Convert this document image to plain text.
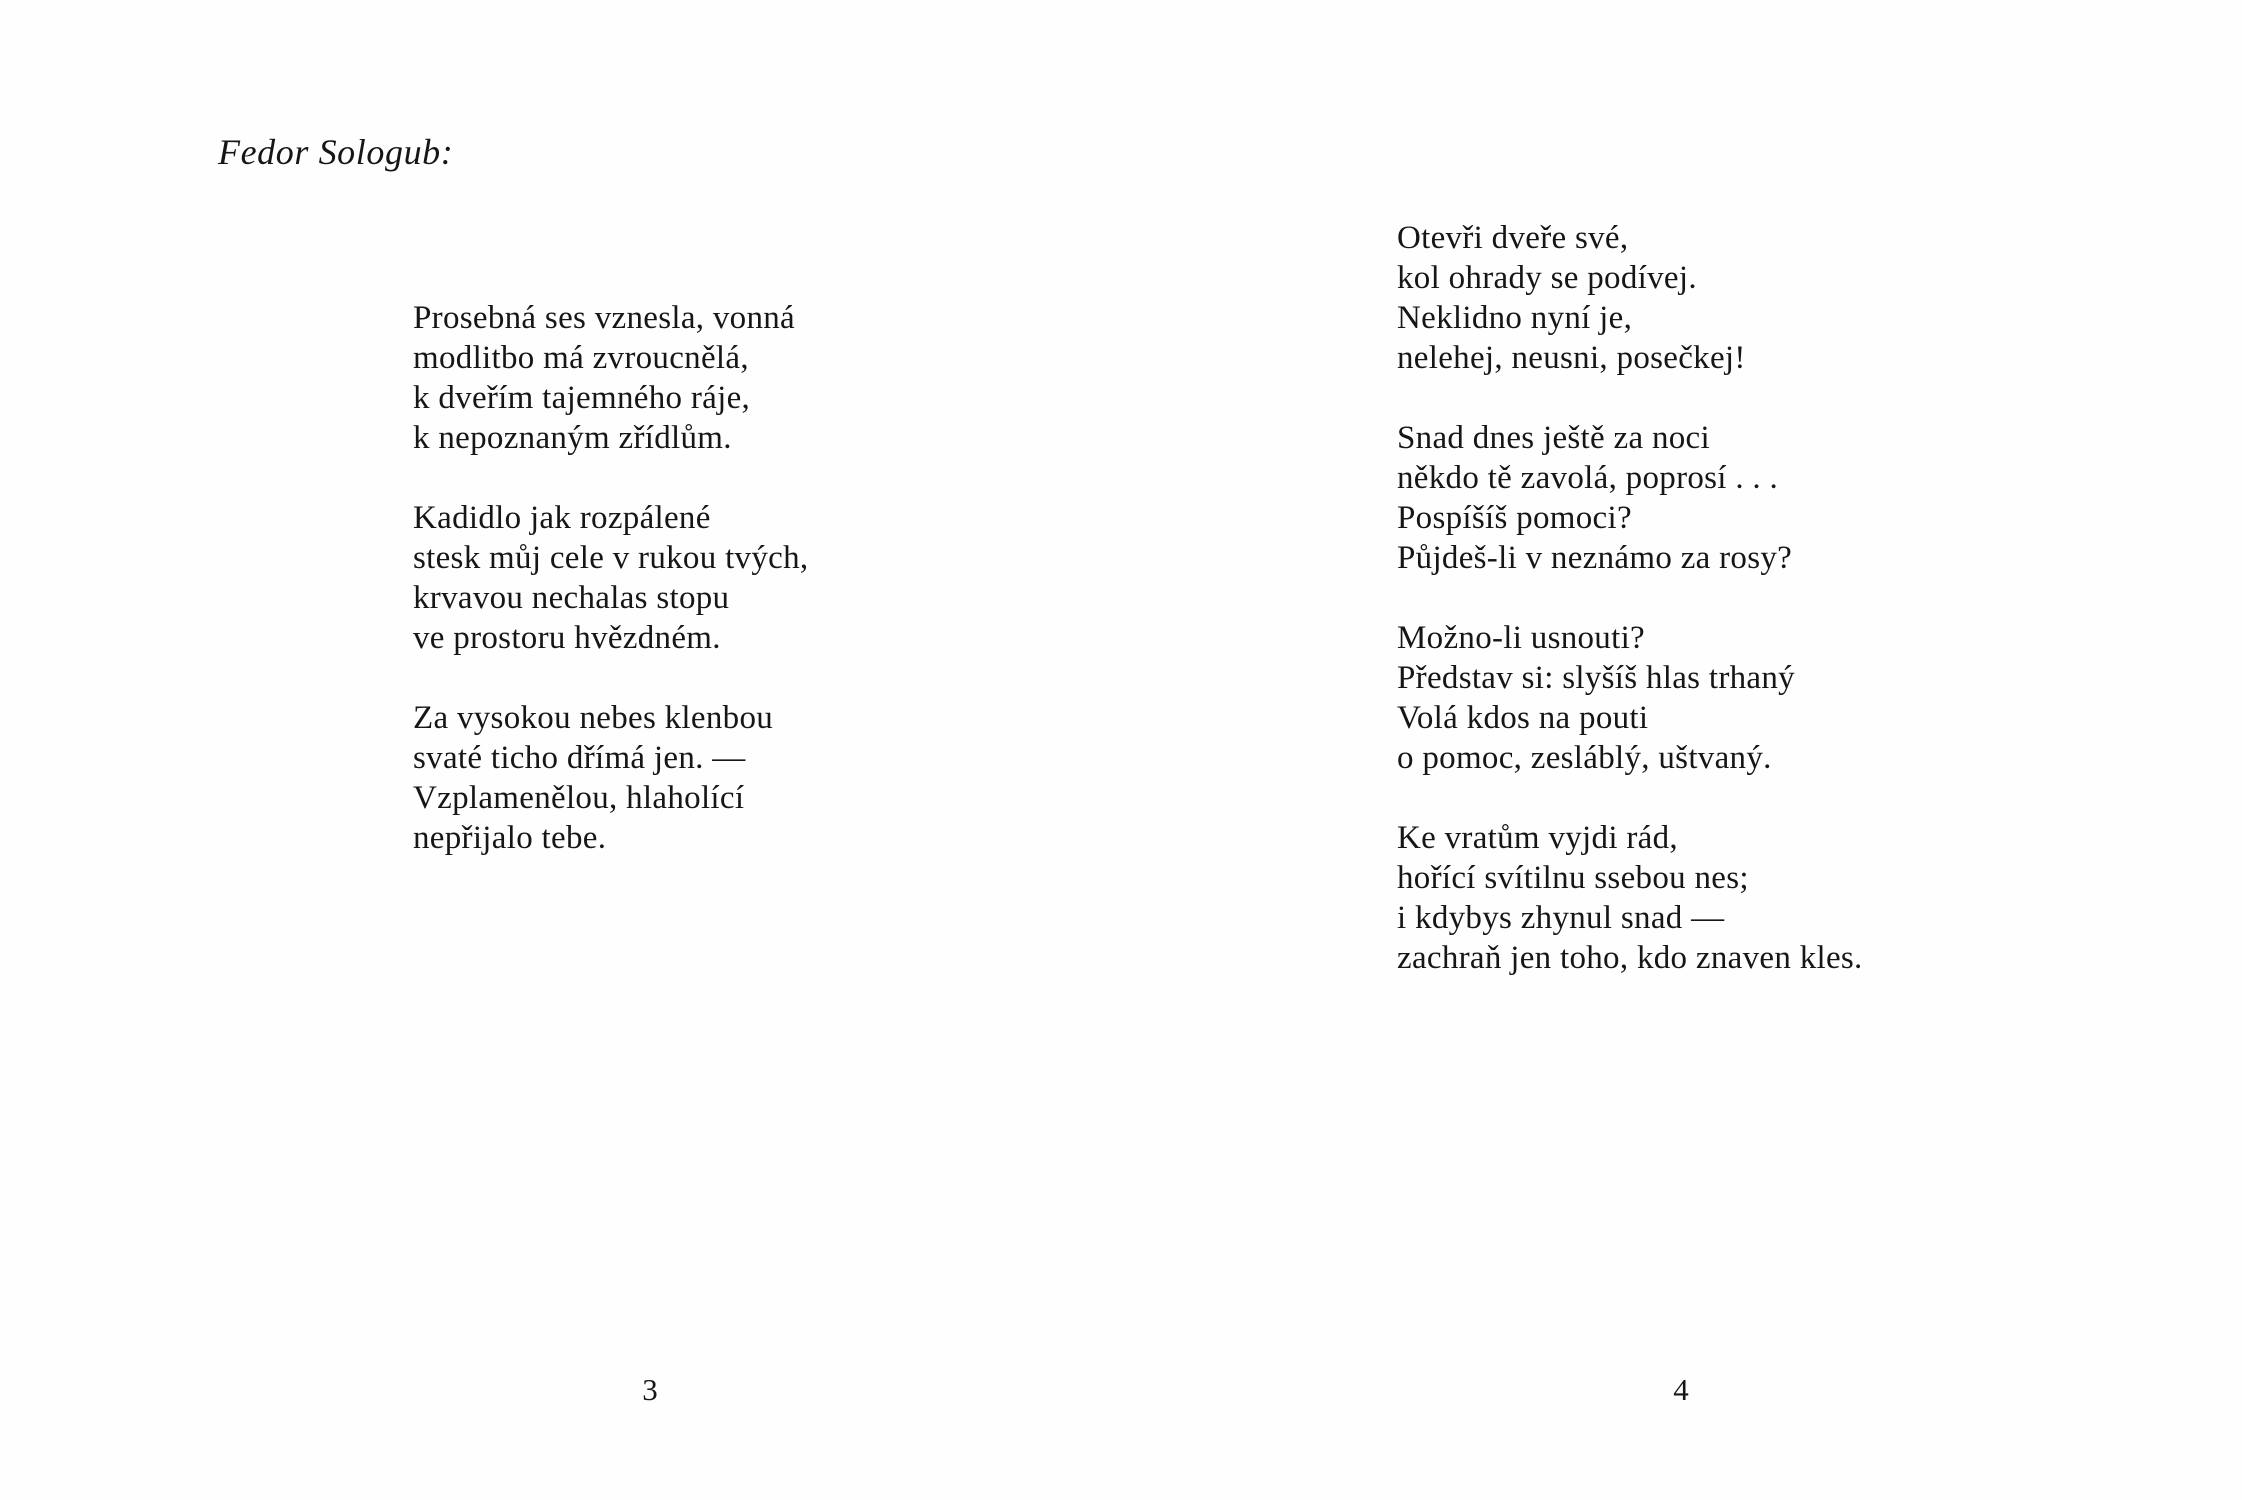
Fedor Sologub:
Prosebná ses vznesla, vonná
modlitbo má zvroucnělá,
k dveřím tajemného ráje,
k nepoznaným zřídlům.
Kadidlo jak rozpálené
stesk můj cele v rukou tvých,
krvavou nechalas stopu
ve prostoru hvězdném.
Za vysokou nebes klenbou
svaté ticho dřímá jen. —
Vzplamenělou, hlaholící
nepřijalo tebe.
Otevři dveře své,
kol ohrady se podívej.
Neklidno nyní je,
nelehej, neusni, posečkej!
Snad dnes ještě za noci
někdo tě zavolá, poprosí . . .
Pospíšíš pomoci?
Půjdeš-li v neznámo za rosy?
Možno-li usnouti?
Představ si: slyšíš hlas trhaný
Volá kdos na pouti
o pomoc, zesláblý, uštvaný.
Ke vratům vyjdi rád,
hořící svítilnu ssebou nes;
i kdybys zhynul snad —
zachraň jen toho, kdo znaven kles.
3	4
